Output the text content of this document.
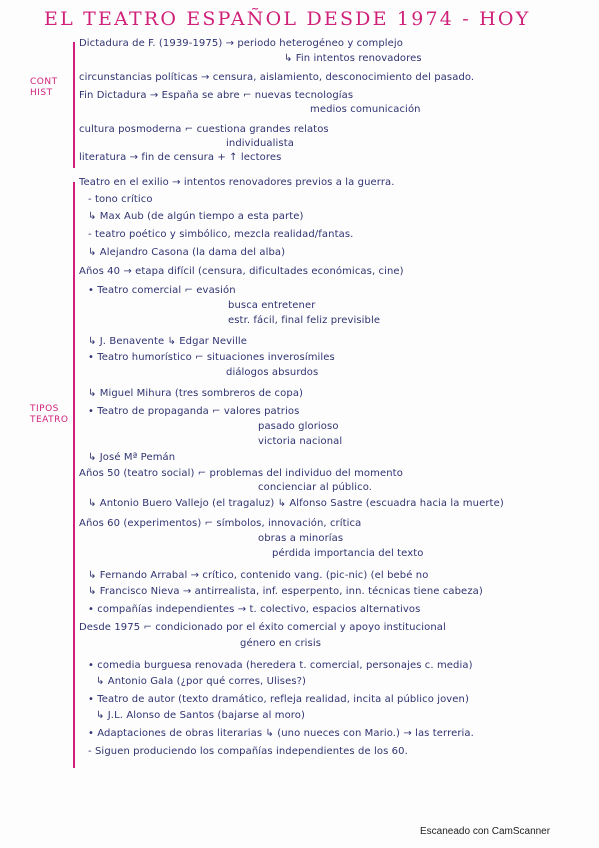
EL TEATRO ESPAÑOL DESDE 1974 - HOY
CONT
HIST
TIPOS
TEATRO
Dictadura de F. (1939-1975) → periodo heterogéneo y complejo
↳ Fin intentos renovadores
circunstancias políticas → censura, aislamiento, desconocimiento del pasado.
Fin Dictadura → España se abre ⌐ nuevas tecnologías
medios comunicación
cultura posmoderna ⌐ cuestiona grandes relatos
individualista
literatura → fin de censura + ↑ lectores
Teatro en el exilio → intentos renovadores previos a la guerra.
- tono crítico
↳ Max Aub (de algún tiempo a esta parte)
- teatro poético y simbólico, mezcla realidad/fantas.
↳ Alejandro Casona (la dama del alba)
Años 40 → etapa difícil (censura, dificultades económicas, cine)
• Teatro comercial ⌐ evasión
busca entretener
estr. fácil, final feliz previsible
↳ J. Benavente ↳ Edgar Neville
• Teatro humorístico ⌐ situaciones inverosímiles
diálogos absurdos
↳ Miguel Mihura (tres sombreros de copa)
• Teatro de propaganda ⌐ valores patrios
pasado glorioso
victoria nacional
↳ José Mª Pemán
Años 50 (teatro social) ⌐ problemas del individuo del momento
concienciar al público.
↳ Antonio Buero Vallejo (el tragaluz) ↳ Alfonso Sastre (escuadra hacia la muerte)
Años 60 (experimentos) ⌐ símbolos, innovación, crítica
obras a minorías
pérdida importancia del texto
↳ Fernando Arrabal → crítico, contenido vang. (pic-nic) (el bebé no
↳ Francisco Nieva → antirrealista, inf. esperpento, inn. técnicas tiene cabeza)
• compañías independientes → t. colectivo, espacios alternativos
Desde 1975 ⌐ condicionado por el éxito comercial y apoyo institucional
género en crisis
• comedia burguesa renovada (herederа t. comercial, personajes c. media)
↳ Antonio Gala (¿por qué corres, Ulises?)
• Teatro de autor (texto dramático, refleja realidad, incita al público joven)
↳ J.L. Alonso de Santos (bajarse al moro)
• Adaptaciones de obras literarias ↳ (uno nueces con Mario.) → las terreria.
- Siguen produciendo los compañías independientes de los 60.
Escaneado con CamScanner
